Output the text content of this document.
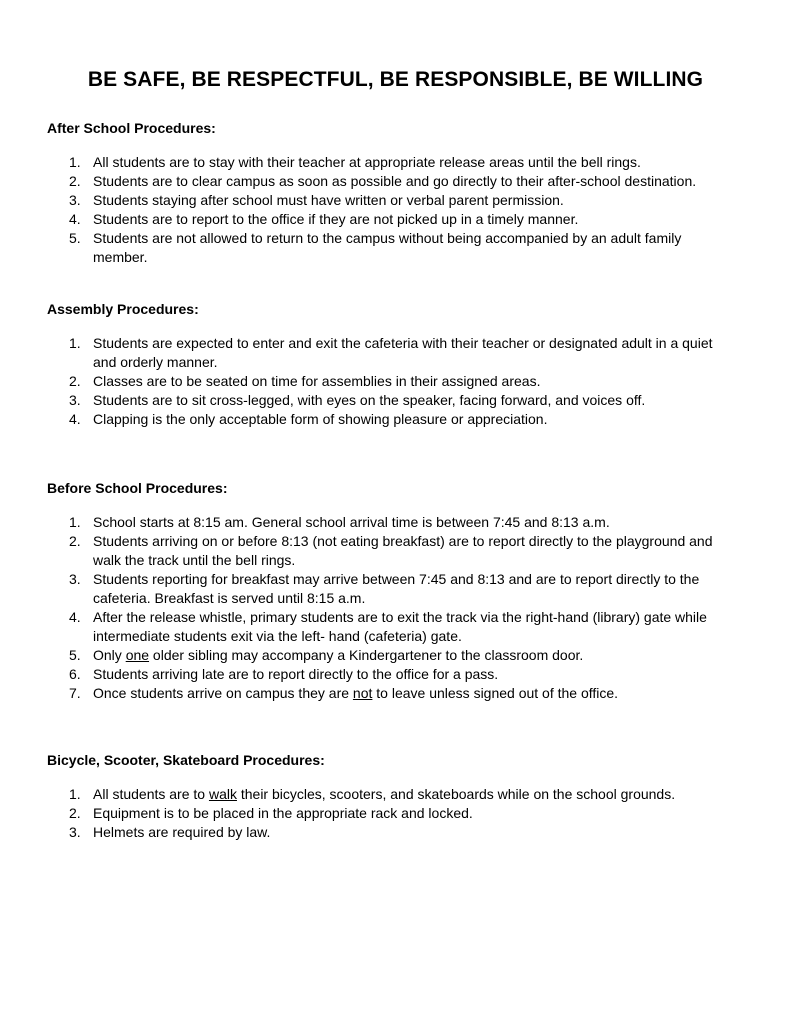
BE SAFE, BE RESPECTFUL, BE RESPONSIBLE, BE WILLING
After School Procedures:
1. All students are to stay with their teacher at appropriate release areas until the bell rings.
2. Students are to clear campus as soon as possible and go directly to their after-school destination.
3. Students staying after school must have written or verbal parent permission.
4. Students are to report to the office if they are not picked up in a timely manner.
5. Students are not allowed to return to the campus without being accompanied by an adult family member.
Assembly Procedures:
1. Students are expected to enter and exit the cafeteria with their teacher or designated adult in a quiet and orderly manner.
2. Classes are to be seated on time for assemblies in their assigned areas.
3. Students are to sit cross-legged, with eyes on the speaker, facing forward, and voices off.
4. Clapping is the only acceptable form of showing pleasure or appreciation.
Before School Procedures:
1. School starts at 8:15 am. General school arrival time is between 7:45 and 8:13 a.m.
2. Students arriving on or before 8:13 (not eating breakfast) are to report directly to the playground and walk the track until the bell rings.
3. Students reporting for breakfast may arrive between 7:45 and 8:13 and are to report directly to the cafeteria. Breakfast is served until 8:15 a.m.
4. After the release whistle, primary students are to exit the track via the right-hand (library) gate while intermediate students exit via the left- hand (cafeteria) gate.
5. Only one older sibling may accompany a Kindergartener to the classroom door.
6. Students arriving late are to report directly to the office for a pass.
7. Once students arrive on campus they are not to leave unless signed out of the office.
Bicycle, Scooter, Skateboard Procedures:
1. All students are to walk their bicycles, scooters, and skateboards while on the school grounds.
2. Equipment is to be placed in the appropriate rack and locked.
3. Helmets are required by law.
